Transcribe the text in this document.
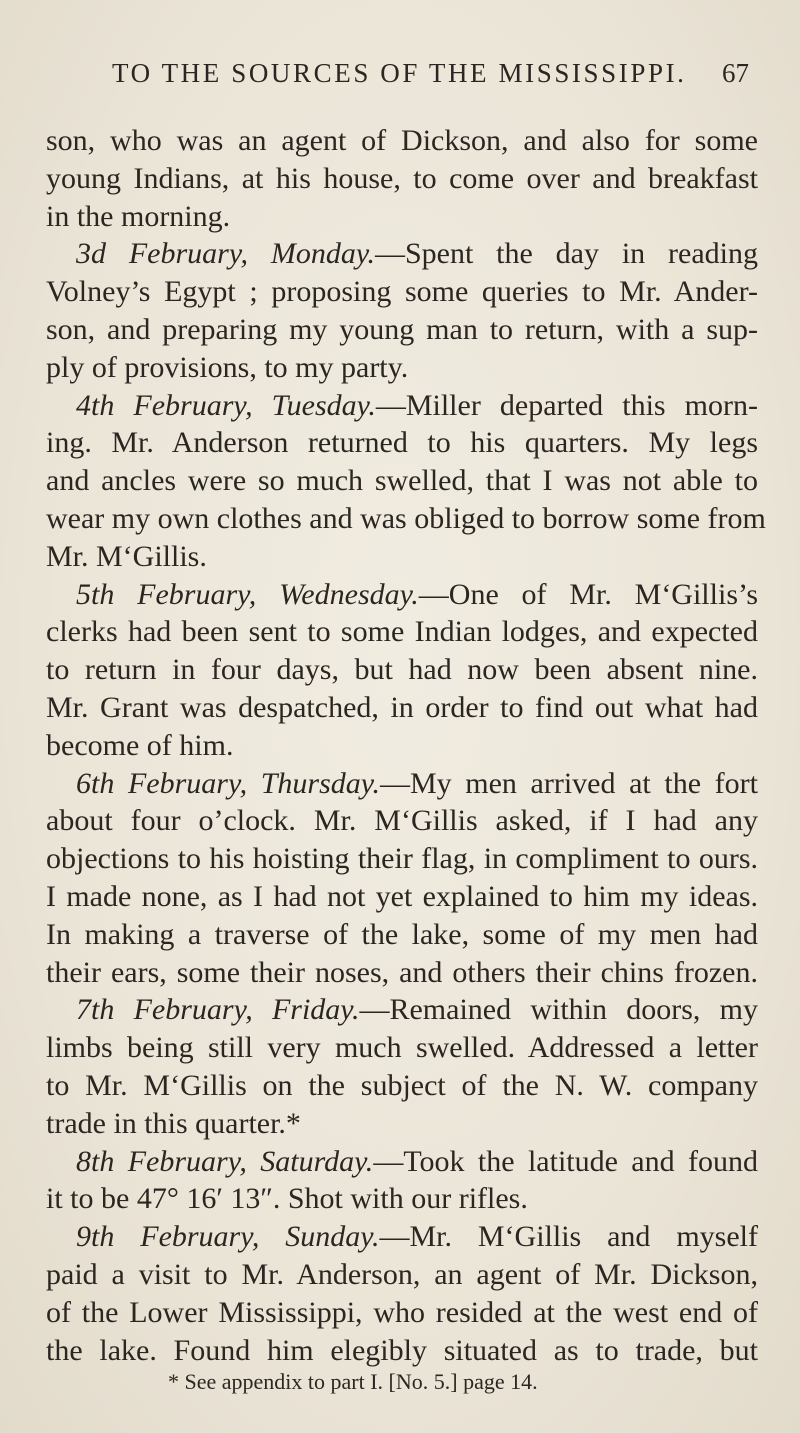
TO THE SOURCES OF THE MISSISSIPPI. 67
son, who was an agent of Dickson, and also for some
young Indians, at his house, to come over and breakfast
in the morning.
3d February, Monday.—Spent the day in reading
Volney’s Egypt ; proposing some queries to Mr. Ander-
son, and preparing my young man to return, with a sup-
ply of provisions, to my party.
4th February, Tuesday.—Miller departed this morn-
ing. Mr. Anderson returned to his quarters. My legs
and ancles were so much swelled, that I was not able to
wear my own clothes and was obliged to borrow some from
Mr. M‘Gillis.
5th February, Wednesday.—One of Mr. M‘Gillis’s
clerks had been sent to some Indian lodges, and expected
to return in four days, but had now been absent nine.
Mr. Grant was despatched, in order to find out what had
become of him.
6th February, Thursday.—My men arrived at the fort
about four o’clock. Mr. M‘Gillis asked, if I had any
objections to his hoisting their flag, in compliment to ours.
I made none, as I had not yet explained to him my ideas.
In making a traverse of the lake, some of my men had
their ears, some their noses, and others their chins frozen.
7th February, Friday.—Remained within doors, my
limbs being still very much swelled. Addressed a letter
to Mr. M‘Gillis on the subject of the N. W. company
trade in this quarter.*
8th February, Saturday.—Took the latitude and found
it to be 47° 16′ 13″. Shot with our rifles.
9th February, Sunday.—Mr. M‘Gillis and myself
paid a visit to Mr. Anderson, an agent of Mr. Dickson,
of the Lower Mississippi, who resided at the west end of
the lake. Found him elegibly situated as to trade, but
* See appendix to part I. [No. 5.] page 14.
